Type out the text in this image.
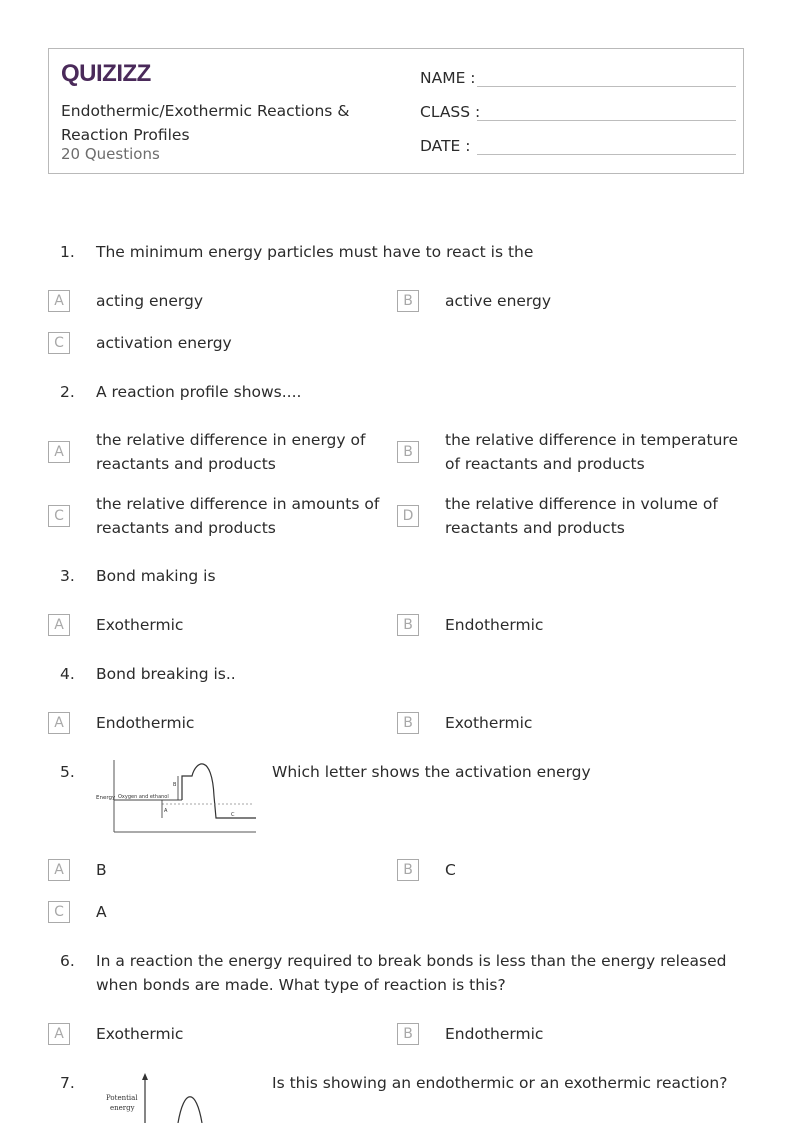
QUIZIZZ
Endothermic/Exothermic Reactions & Reaction Profiles
20 Questions
NAME :
CLASS :
DATE :
1. The minimum energy particles must have to react is the
A	acting energy	B	active energy
C	activation energy
2. A reaction profile shows....
A
the relative difference in energy of reactants and products
B
the relative difference in temperature of reactants and products
C
the relative difference in amounts of reactants and products
D
the relative difference in volume of reactants and products
3. Bond making is
A	Exothermic	B	Endothermic
4. Bond breaking is..
A	Endothermic	B	Exothermic
5.
Energy Oxygen and ethanol
B
A
C
Which letter shows the activation energy
A	B	B	C
C	A
6. In a reaction the energy required to break bonds is less than the energy released when bonds are made. What type of reaction is this?
A	Exothermic	B	Endothermic
7.
Potential
energy
Is this showing an endothermic or an exothermic reaction?
